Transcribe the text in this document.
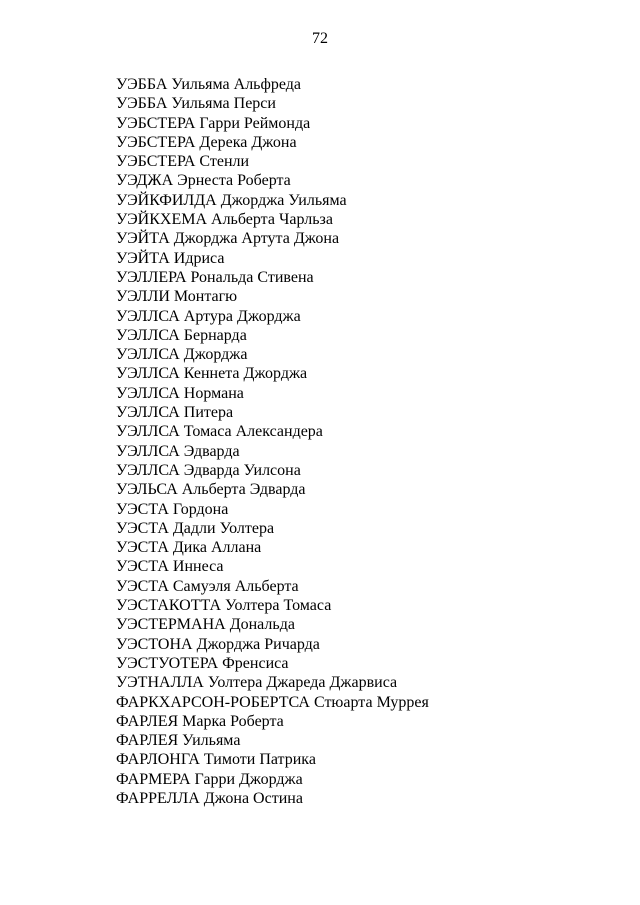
72
УЭББА Уильяма Альфреда
УЭББА Уильяма Перси
УЭБСТЕРА Гарри Реймонда
УЭБСТЕРА Дерека Джона
УЭБСТЕРА Стенли
УЭДЖА Эрнеста Роберта
УЭЙКФИЛДА Джорджа Уильяма
УЭЙКХЕМА Альберта Чарльза
УЭЙТА Джорджа Артута Джона
УЭЙТА Идриса
УЭЛЛЕРА Рональда Стивена
УЭЛЛИ Монтагю
УЭЛЛСА Артура Джорджа
УЭЛЛСА Бернарда
УЭЛЛСА Джорджа
УЭЛЛСА Кеннета Джорджа
УЭЛЛСА Нормана
УЭЛЛСА Питера
УЭЛЛСА Томаса Александера
УЭЛЛСА Эдварда
УЭЛЛСА Эдварда Уилсона
УЭЛЬСА Альберта Эдварда
УЭСТА Гордона
УЭСТА Дадли Уолтера
УЭСТА Дика Аллана
УЭСТА Иннеса
УЭСТА Самуэля Альберта
УЭСТАКОТТА Уолтера Томаса
УЭСТЕРМАНА Дональда
УЭСТОНА Джорджа Ричарда
УЭСТУОТЕРА Френсиса
УЭТНАЛЛА Уолтера Джареда Джарвиса
ФАРКХАРСОН-РОБЕРТСА Стюарта Муррея
ФАРЛЕЯ Марка Роберта
ФАРЛЕЯ Уильяма
ФАРЛОНГА Тимоти Патрика
ФАРМЕРА Гарри Джорджа
ФАРРЕЛЛА Джона Остина
